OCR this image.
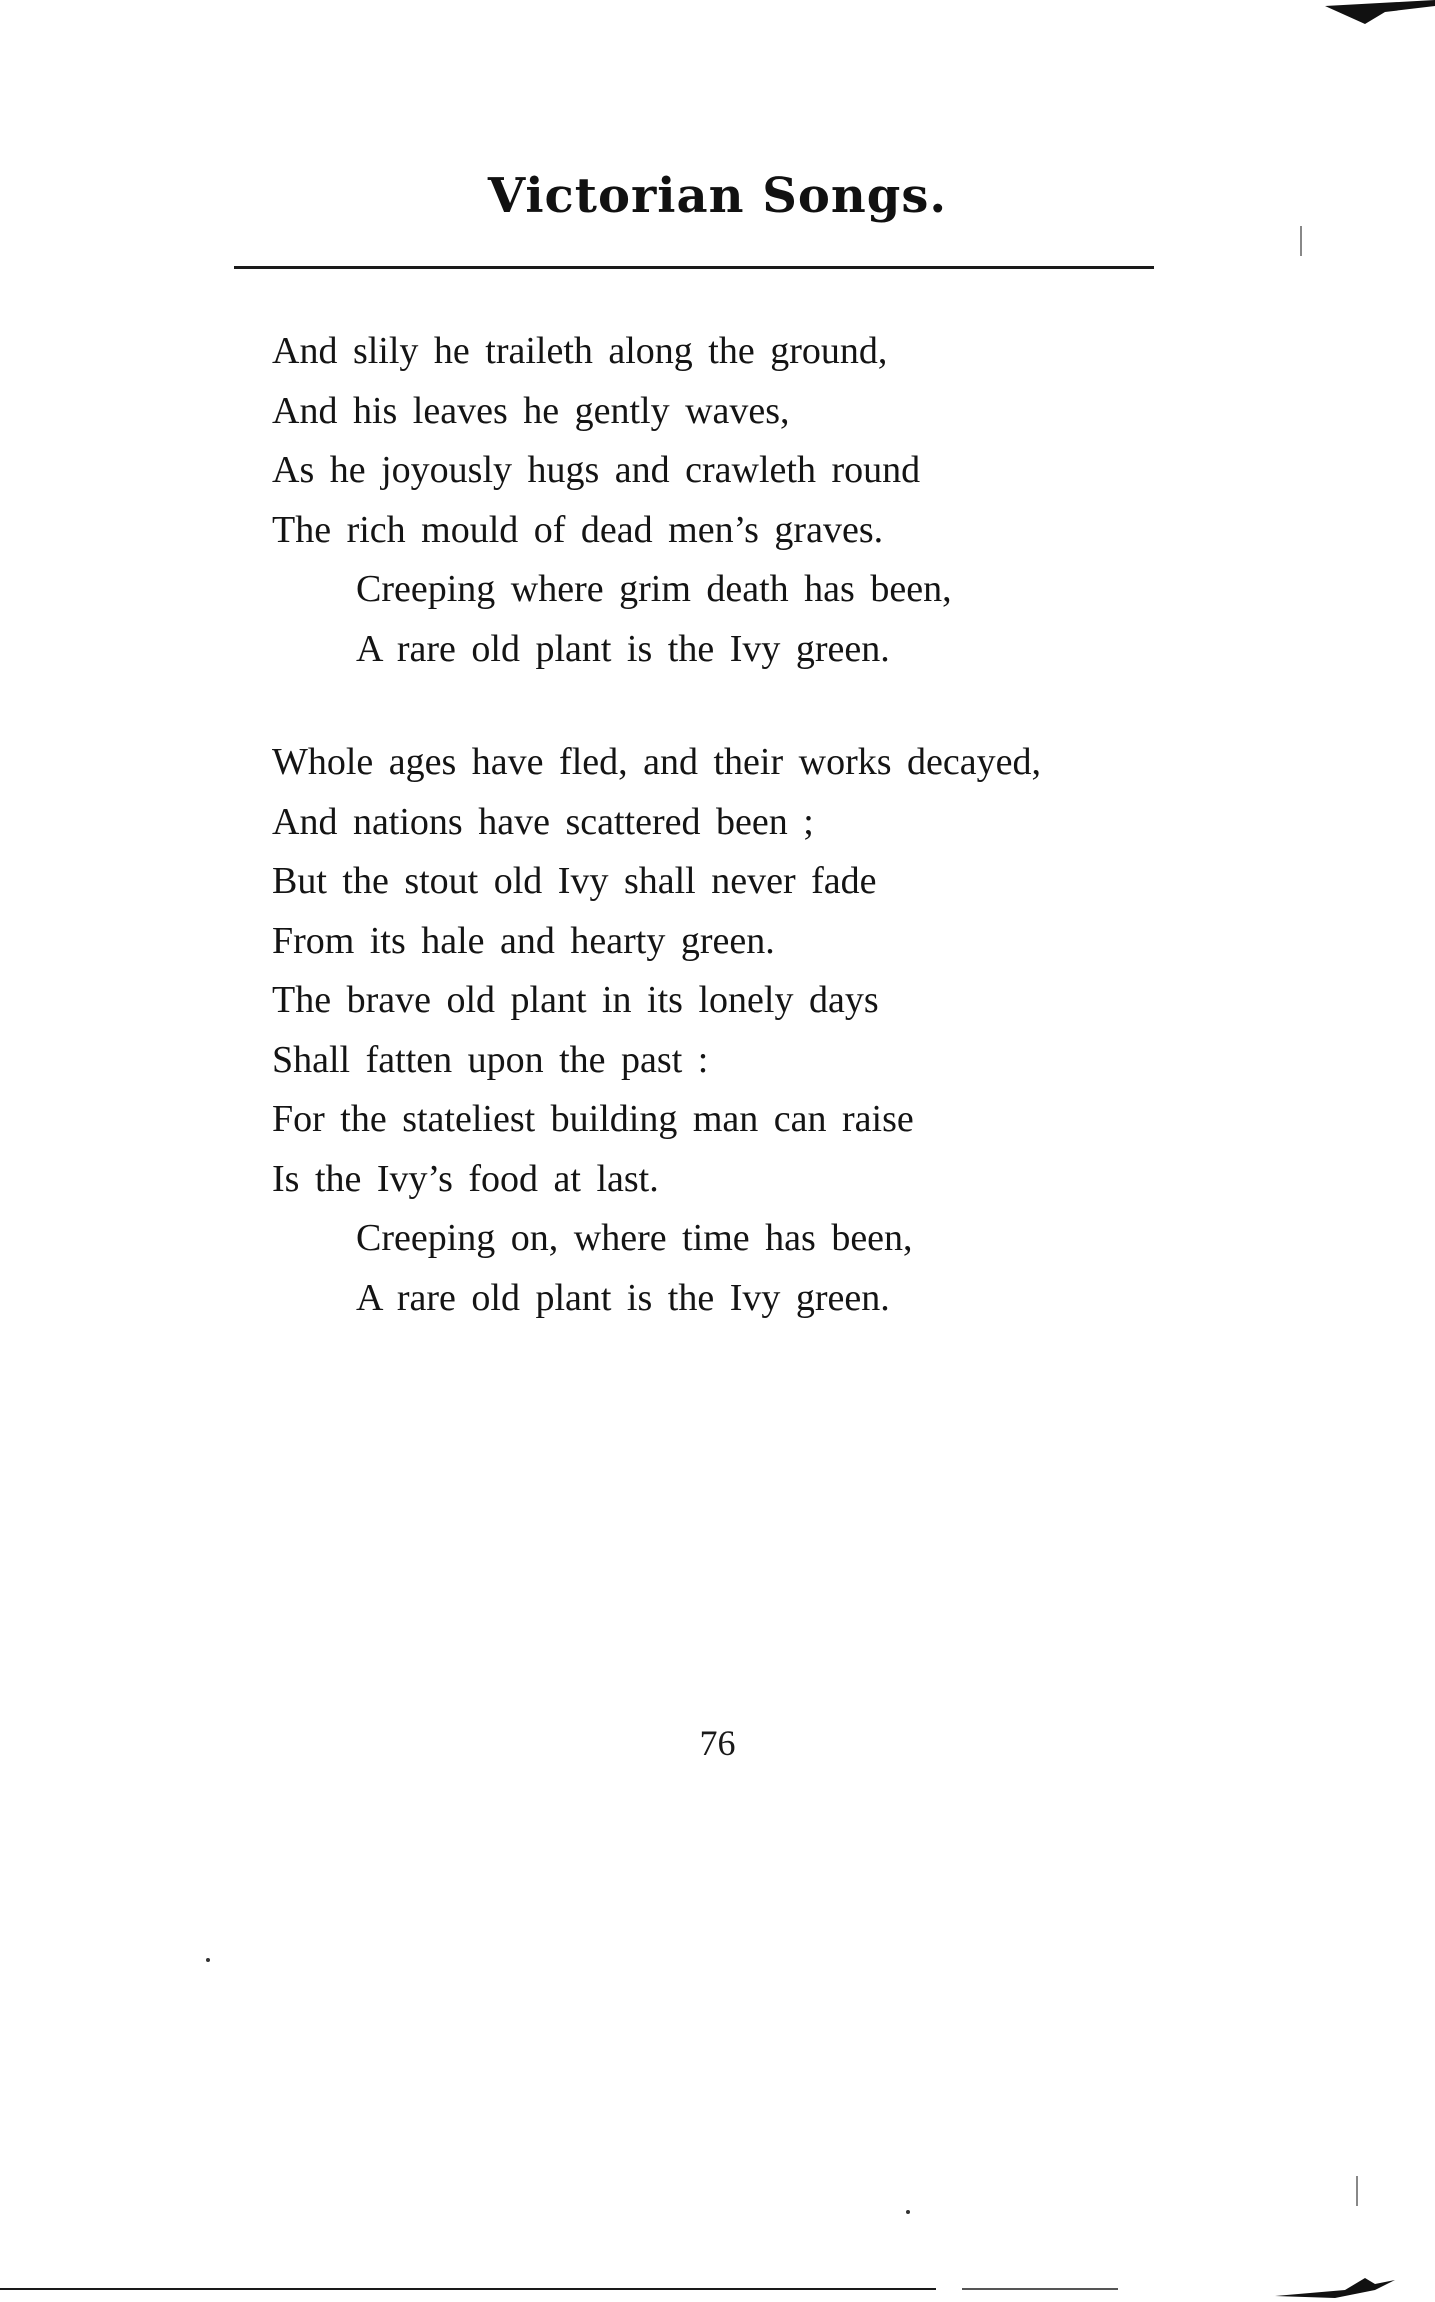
Victorian Songs.
And slily he traileth along the ground,
And his leaves he gently waves,
As he joyously hugs and crawleth round
The rich mould of dead men’s graves.
Creeping where grim death has been,
A rare old plant is the Ivy green.
Whole ages have fled, and their works decayed,
And nations have scattered been ;
But the stout old Ivy shall never fade
From its hale and hearty green.
The brave old plant in its lonely days
Shall fatten upon the past :
For the stateliest building man can raise
Is the Ivy’s food at last.
Creeping on, where time has been,
A rare old plant is the Ivy green.
76
